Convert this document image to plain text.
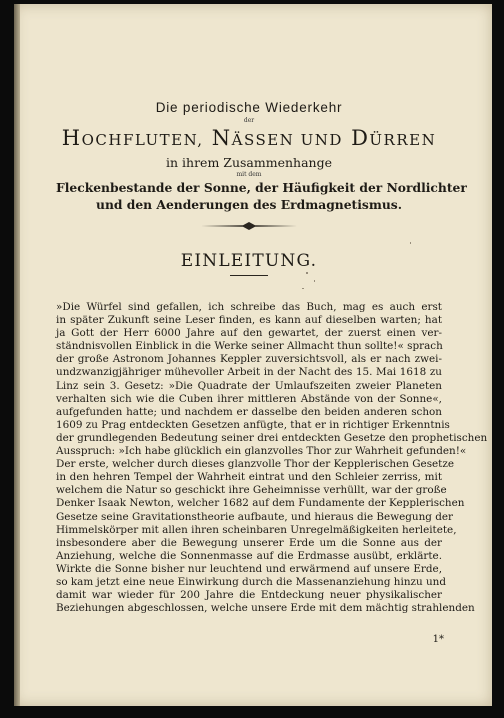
Die periodische Wiederkehr
der
HOCHFLUTEN, NÄSSEN UND DÜRREN
in ihrem Zusammenhange
mit dem
Fleckenbestande der Sonne, der Häufigkeit der Nordlichter
und den Aenderungen des Erdmagnetismus.
EINLEITUNG.
»Die Würfel sind gefallen, ich schreibe das Buch, mag es auch erst
in später Zukunft seine Leser finden, es kann auf dieselben warten; hat
ja Gott der Herr 6000 Jahre auf den gewartet, der zuerst einen ver-
ständnisvollen Einblick in die Werke seiner Allmacht thun sollte!« sprach
der große Astronom Johannes Keppler zuversichtsvoll, als er nach zwei-
undzwanzigjähriger mühevoller Arbeit in der Nacht des 15. Mai 1618 zu
Linz sein 3. Gesetz: »Die Quadrate der Umlaufszeiten zweier Planeten
verhalten sich wie die Cuben ihrer mittleren Abstände von der Sonne«,
aufgefunden hatte; und nachdem er dasselbe den beiden anderen schon
1609 zu Prag entdeckten Gesetzen anfügte, that er in richtiger Erkenntnis
der grundlegenden Bedeutung seiner drei entdeckten Gesetze den prophetischen
Ausspruch: »Ich habe glücklich ein glanzvolles Thor zur Wahrheit gefunden!«
Der erste, welcher durch dieses glanzvolle Thor der Kepplerischen Gesetze
in den hehren Tempel der Wahrheit eintrat und den Schleier zerriss, mit
welchem die Natur so geschickt ihre Geheimnisse verhüllt, war der große
Denker Isaak Newton, welcher 1682 auf dem Fundamente der Kepplerischen
Gesetze seine Gravitationstheorie aufbaute, und hieraus die Bewegung der
Himmelskörper mit allen ihren scheinbaren Unregelmäßigkeiten herleitete,
insbesondere aber die Bewegung unserer Erde um die Sonne aus der
Anziehung, welche die Sonnenmasse auf die Erdmasse ausübt, erklärte.
Wirkte die Sonne bisher nur leuchtend und erwärmend auf unsere Erde,
so kam jetzt eine neue Einwirkung durch die Massenanziehung hinzu und
damit war wieder für 200 Jahre die Entdeckung neuer physikalischer
Beziehungen abgeschlossen, welche unsere Erde mit dem mächtig strahlenden
1*
